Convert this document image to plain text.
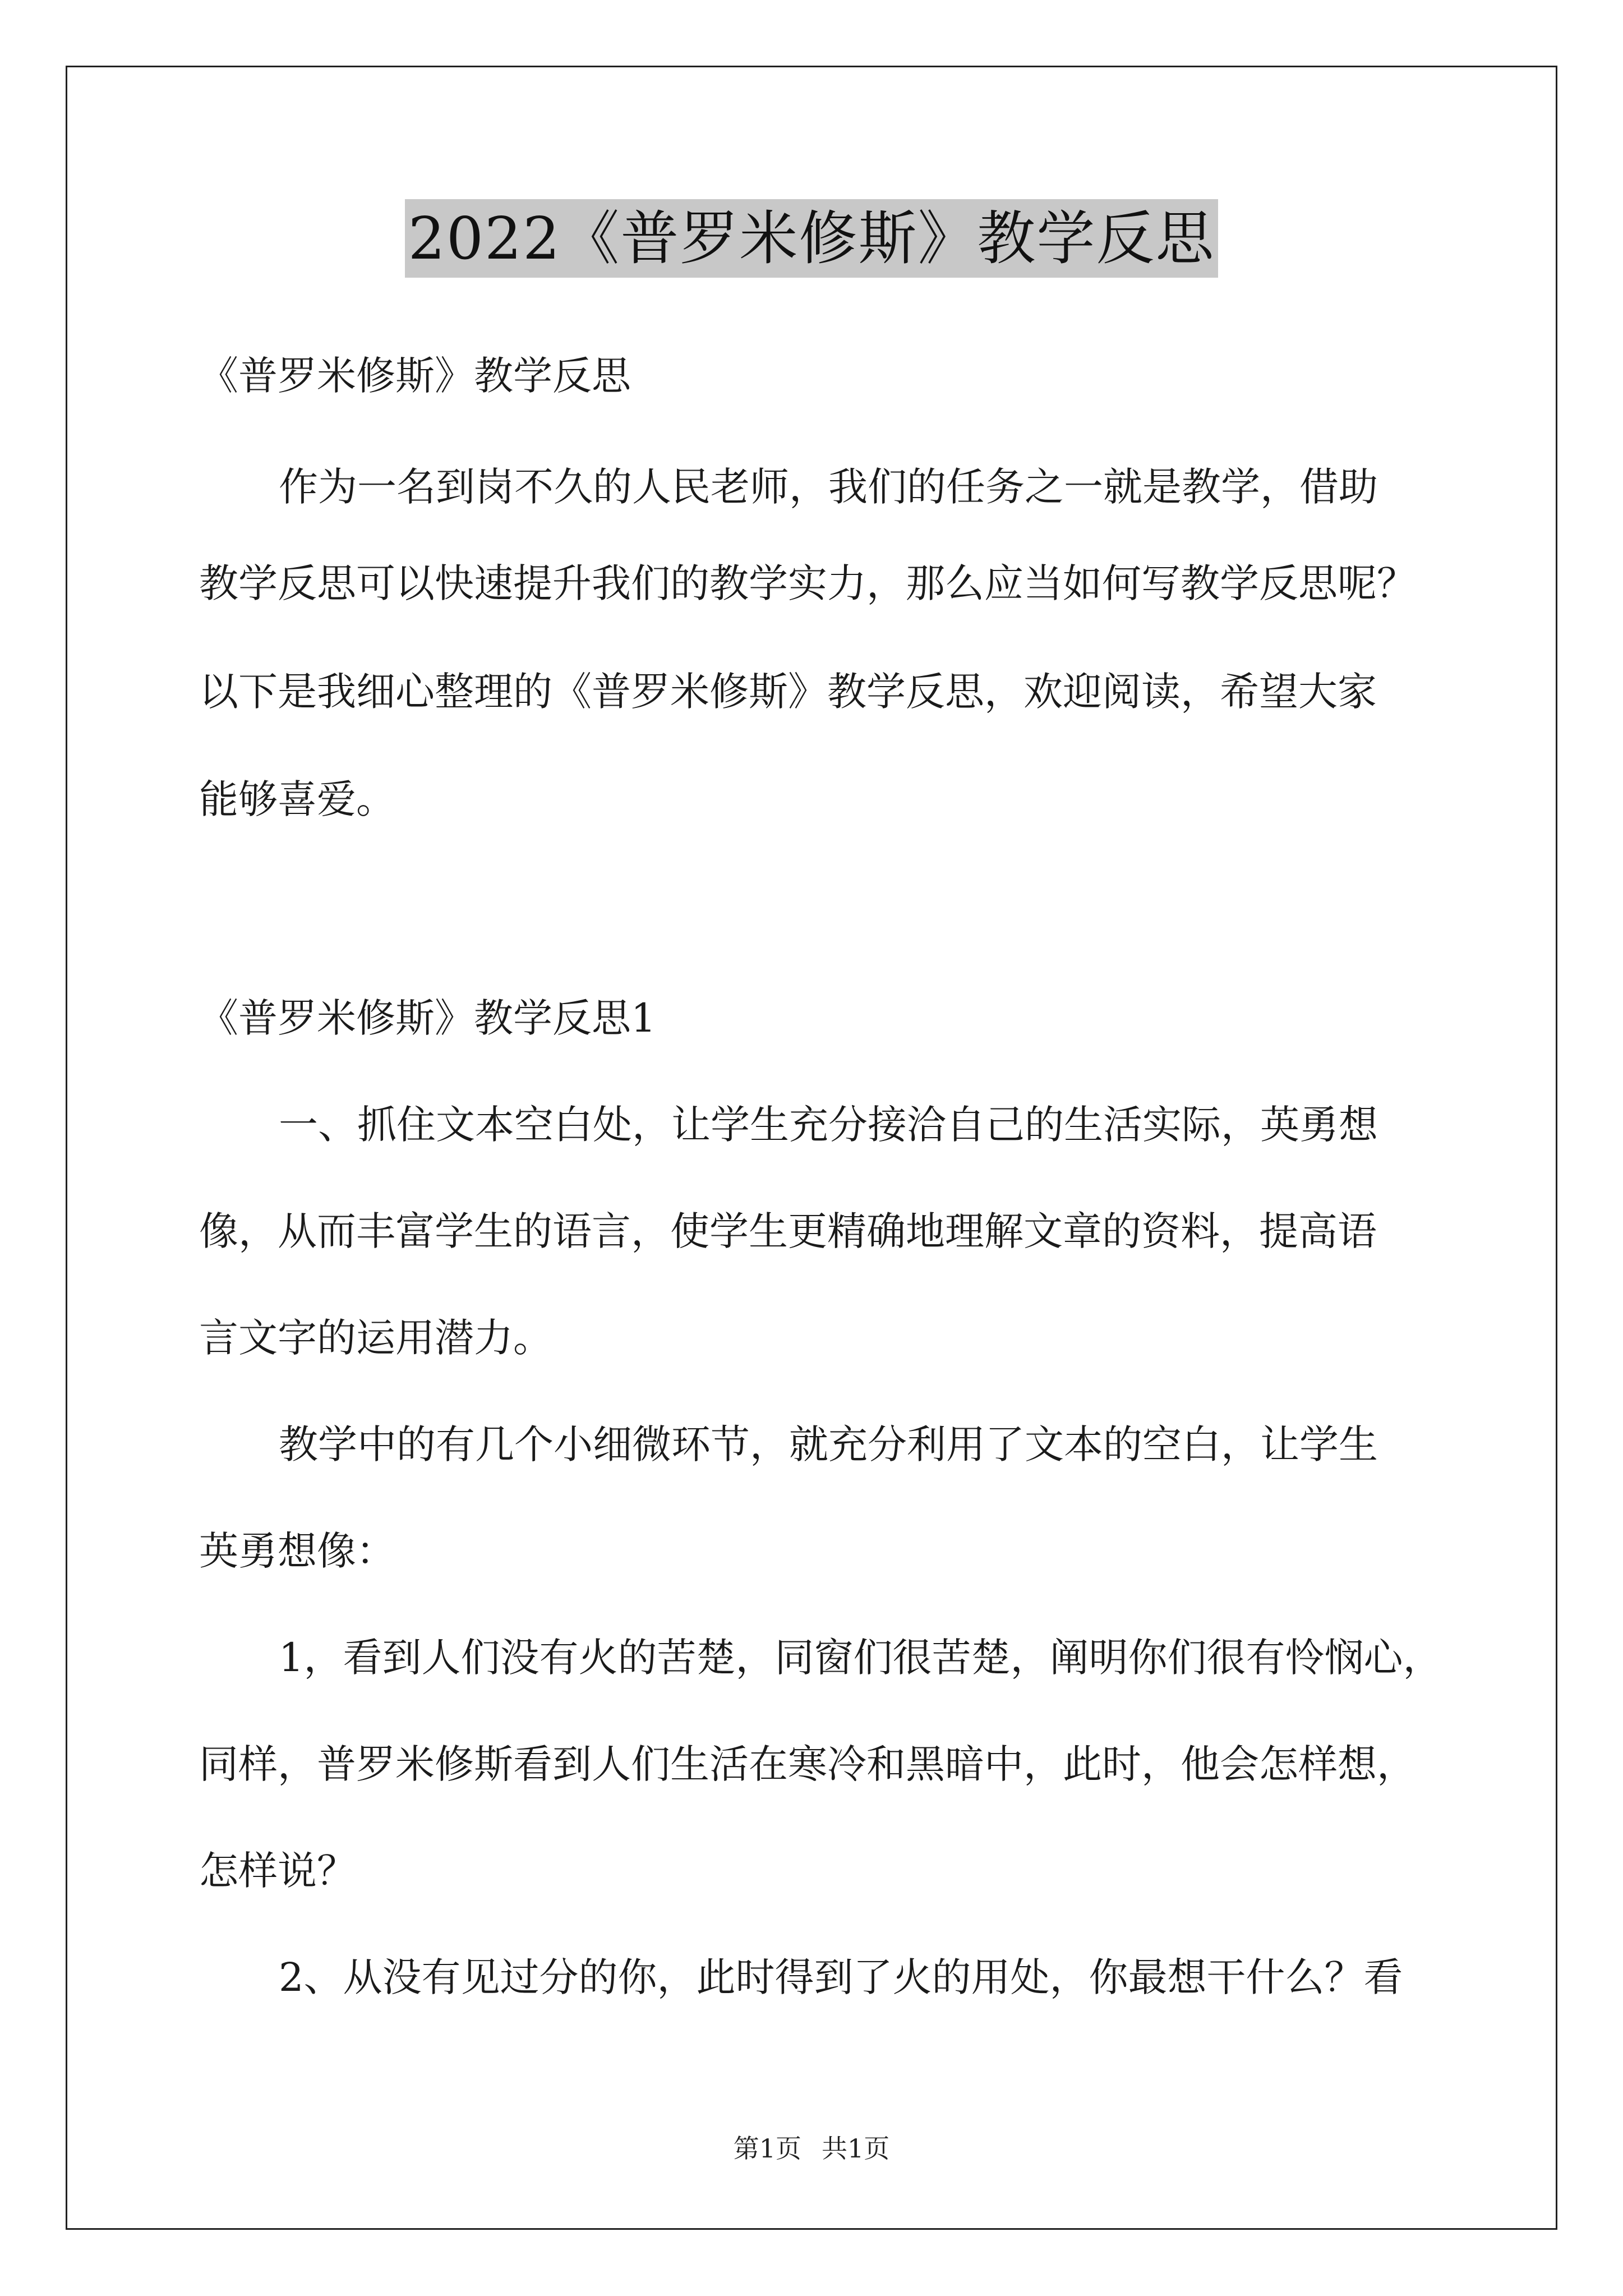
2022《普罗米修斯》教学反思
《普罗米修斯》教学反思
作为一名到岗不久的人民老师，我们的任务之一就是教学，借助
教学反思可以快速提升我们的教学实力，那么应当如何写教学反思呢？
以下是我细心整理的《普罗米修斯》教学反思，欢迎阅读，希望大家
能够喜爱。
《普罗米修斯》教学反思1
一、抓住文本空白处，让学生充分接洽自己的生活实际，英勇想
像，从而丰富学生的语言，使学生更精确地理解文章的资料，提高语
言文字的运用潜力。
教学中的有几个小细微环节，就充分利用了文本的空白，让学生
英勇想像：
1，看到人们没有火的苦楚，同窗们很苦楚，阐明你们很有怜悯心，
同样，普罗米修斯看到人们生活在寒冷和黑暗中，此时，他会怎样想，
怎样说？
2、从没有见过分的你，此时得到了火的用处，你最想干什么？看
第1页 共1页
